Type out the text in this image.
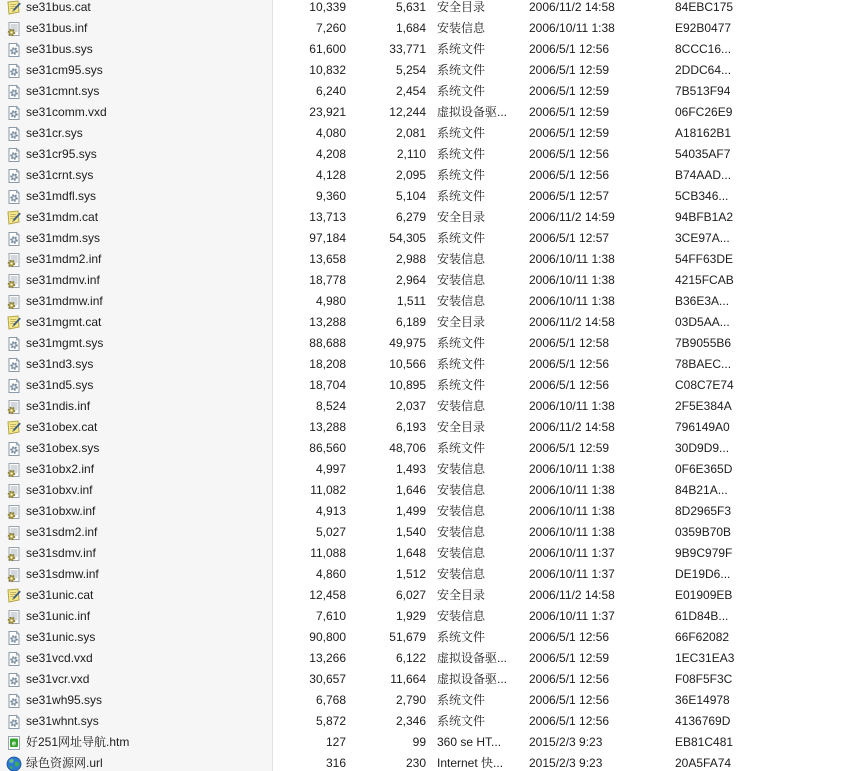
se31bus.cat	10,339	5,631 安全目录	2006/11/2 14:58	84EBC175
se31bus.inf	7,260	1,684 安装信息	2006/10/11 1:38	E92B0477
se31bus.sys	61,600	33,771 系统文件	2006/5/1 12:56	8CCC16...
se31cm95.sys	10,832	5,254 系统文件	2006/5/1 12:59	2DDC64...
se31cmnt.sys	6,240	2,454 系统文件	2006/5/1 12:59	7B513F94
se31comm.vxd	23,921	12,244 虚拟设备驱...	2006/5/1 12:59	06FC26E9
se31cr.sys	4,080	2,081 系统文件	2006/5/1 12:59	A18162B1
se31cr95.sys	4,208	2,110 系统文件	2006/5/1 12:56	54035AF7
se31crnt.sys	4,128	2,095 系统文件	2006/5/1 12:56	B74AAD...
se31mdfl.sys	9,360	5,104 系统文件	2006/5/1 12:57	5CB346...
se31mdm.cat	13,713	6,279 安全目录	2006/11/2 14:59	94BFB1A2
se31mdm.sys	97,184	54,305 系统文件	2006/5/1 12:57	3CE97A...
se31mdm2.inf	13,658	2,988 安装信息	2006/10/11 1:38	54FF63DE
se31mdmv.inf	18,778	2,964 安装信息	2006/10/11 1:38	4215FCAB
se31mdmw.inf	4,980	1,511 安装信息	2006/10/11 1:38	B36E3A...
se31mgmt.cat	13,288	6,189 安全目录	2006/11/2 14:58	03D5AA...
se31mgmt.sys	88,688	49,975 系统文件	2006/5/1 12:58	7B9055B6
se31nd3.sys	18,208	10,566 系统文件	2006/5/1 12:56	78BAEC...
se31nd5.sys	18,704	10,895 系统文件	2006/5/1 12:56	C08C7E74
se31ndis.inf	8,524	2,037 安装信息	2006/10/11 1:38	2F5E384A
se31obex.cat	13,288	6,193 安全目录	2006/11/2 14:58	796149A0
se31obex.sys	86,560	48,706 系统文件	2006/5/1 12:59	30D9D9...
se31obx2.inf	4,997	1,493 安装信息	2006/10/11 1:38	0F6E365D
se31obxv.inf	11,082	1,646 安装信息	2006/10/11 1:38	84B21A...
se31obxw.inf	4,913	1,499 安装信息	2006/10/11 1:38	8D2965F3
se31sdm2.inf	5,027	1,540 安装信息	2006/10/11 1:38	0359B70B
se31sdmv.inf	11,088	1,648 安装信息	2006/10/11 1:37	9B9C979F
se31sdmw.inf	4,860	1,512 安装信息	2006/10/11 1:37	DE19D6...
se31unic.cat	12,458	6,027 安全目录	2006/11/2 14:58	E01909EB
se31unic.inf	7,610	1,929 安装信息	2006/10/11 1:37	61D84B...
se31unic.sys	90,800	51,679 系统文件	2006/5/1 12:56	66F62082
se31vcd.vxd	13,266	6,122 虚拟设备驱...	2006/5/1 12:59	1EC31EA3
se31vcr.vxd	30,657	11,664 虚拟设备驱...	2006/5/1 12:56	F08F5F3C
se31wh95.sys	6,768	2,790 系统文件	2006/5/1 12:56	36E14978
se31whnt.sys	5,872	2,346 系统文件	2006/5/1 12:56	4136769D
e 好251网址导航.htm	127	99 360 se HT...	2015/2/3 9:23	EB81C481
绿色资源网.url	316	230 Internet 快...	2015/2/3 9:23	20A5FA74
